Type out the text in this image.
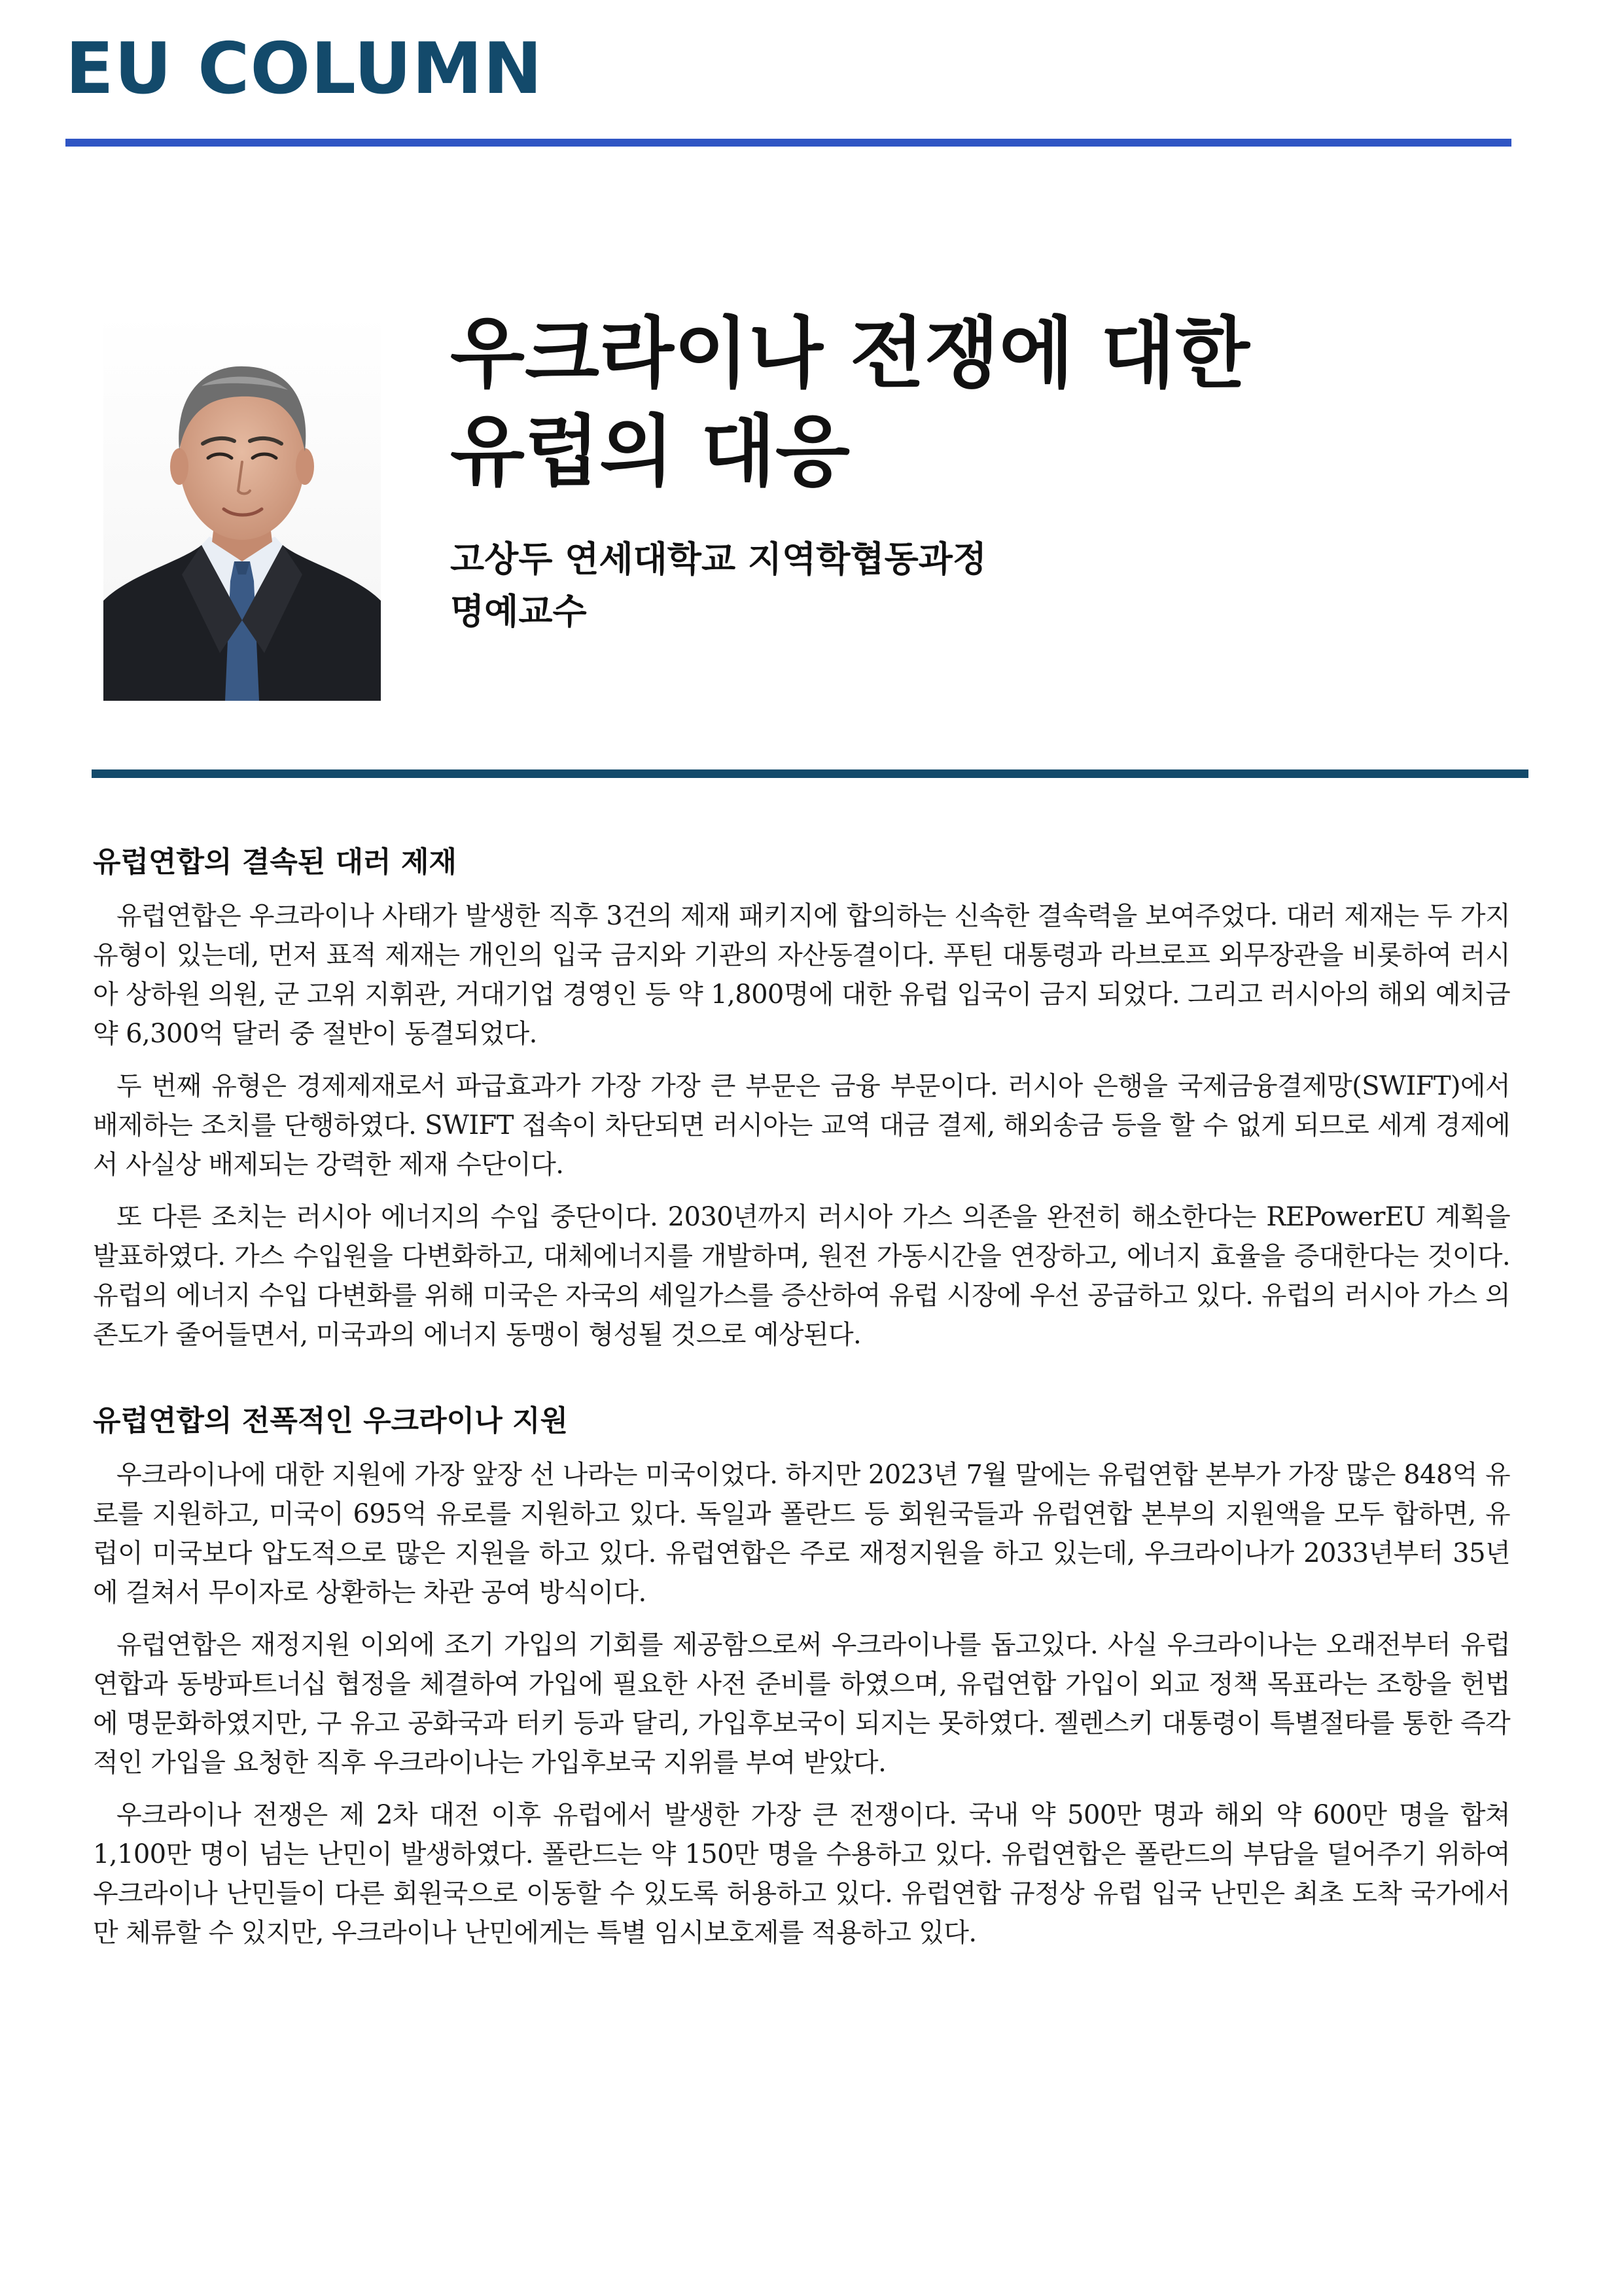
EU COLUMN
우크라이나 전쟁에 대한
유럽의 대응
고상두 연세대학교 지역학협동과정
명예교수
유럽연합의 결속된 대러 제재

유럽연합은 우크라이나 사태가 발생한 직후 3건의 제재 패키지에 합의하는 신속한 결속력을 보여주었다. 대러 제재는 두 가지 유형이 있는데, 먼저 표적 제재는 개인의 입국 금지와 기관의 자산동결이다. 푸틴 대통령과 라브로프 외무장관을 비롯하여 러시아 상하원 의원, 군 고위 지휘관, 거대기업 경영인 등 약 1,800명에 대한 유럽 입국이 금지 되었다. 그리고 러시아의 해외 예치금 약 6,300억 달러 중 절반이 동결되었다.

두 번째 유형은 경제제재로서 파급효과가 가장 가장 큰 부문은 금융 부문이다. 러시아 은행을 국제금융결제망(SWIFT)에서 배제하는 조치를 단행하였다. SWIFT 접속이 차단되면 러시아는 교역 대금 결제, 해외송금 등을 할 수 없게 되므로 세계 경제에서 사실상 배제되는 강력한 제재 수단이다.

또 다른 조치는 러시아 에너지의 수입 중단이다. 2030년까지 러시아 가스 의존을 완전히 해소한다는 REPowerEU 계획을 발표하였다. 가스 수입원을 다변화하고, 대체에너지를 개발하며, 원전 가동시간을 연장하고, 에너지 효율을 증대한다는 것이다. 유럽의 에너지 수입 다변화를 위해 미국은 자국의 셰일가스를 증산하여 유럽 시장에 우선 공급하고 있다. 유럽의 러시아 가스 의존도가 줄어들면서, 미국과의 에너지 동맹이 형성될 것으로 예상된다.

유럽연합의 전폭적인 우크라이나 지원

우크라이나에 대한 지원에 가장 앞장 선 나라는 미국이었다. 하지만 2023년 7월 말에는 유럽연합 본부가 가장 많은 848억 유로를 지원하고, 미국이 695억 유로를 지원하고 있다. 독일과 폴란드 등 회원국들과 유럽연합 본부의 지원액을 모두 합하면, 유럽이 미국보다 압도적으로 많은 지원을 하고 있다. 유럽연합은 주로 재정지원을 하고 있는데, 우크라이나가 2033년부터 35년에 걸쳐서 무이자로 상환하는 차관 공여 방식이다.

유럽연합은 재정지원 이외에 조기 가입의 기회를 제공함으로써 우크라이나를 돕고있다. 사실 우크라이나는 오래전부터 유럽연합과 동방파트너십 협정을 체결하여 가입에 필요한 사전 준비를 하였으며, 유럽연합 가입이 외교 정책 목표라는 조항을 헌법에 명문화하였지만, 구 유고 공화국과 터키 등과 달리, 가입후보국이 되지는 못하였다. 젤렌스키 대통령이 특별절타를 통한 즉각적인 가입을 요청한 직후 우크라이나는 가입후보국 지위를 부여 받았다.

우크라이나 전쟁은 제 2차 대전 이후 유럽에서 발생한 가장 큰 전쟁이다. 국내 약 500만 명과 해외 약 600만 명을 합쳐 1,100만 명이 넘는 난민이 발생하였다. 폴란드는 약 150만 명을 수용하고 있다. 유럽연합은 폴란드의 부담을 덜어주기 위하여 우크라이나 난민들이 다른 회원국으로 이동할 수 있도록 허용하고 있다. 유럽연합 규정상 유럽 입국 난민은 최초 도착 국가에서만 체류할 수 있지만, 우크라이나 난민에게는 특별 임시보호제를 적용하고 있다.
